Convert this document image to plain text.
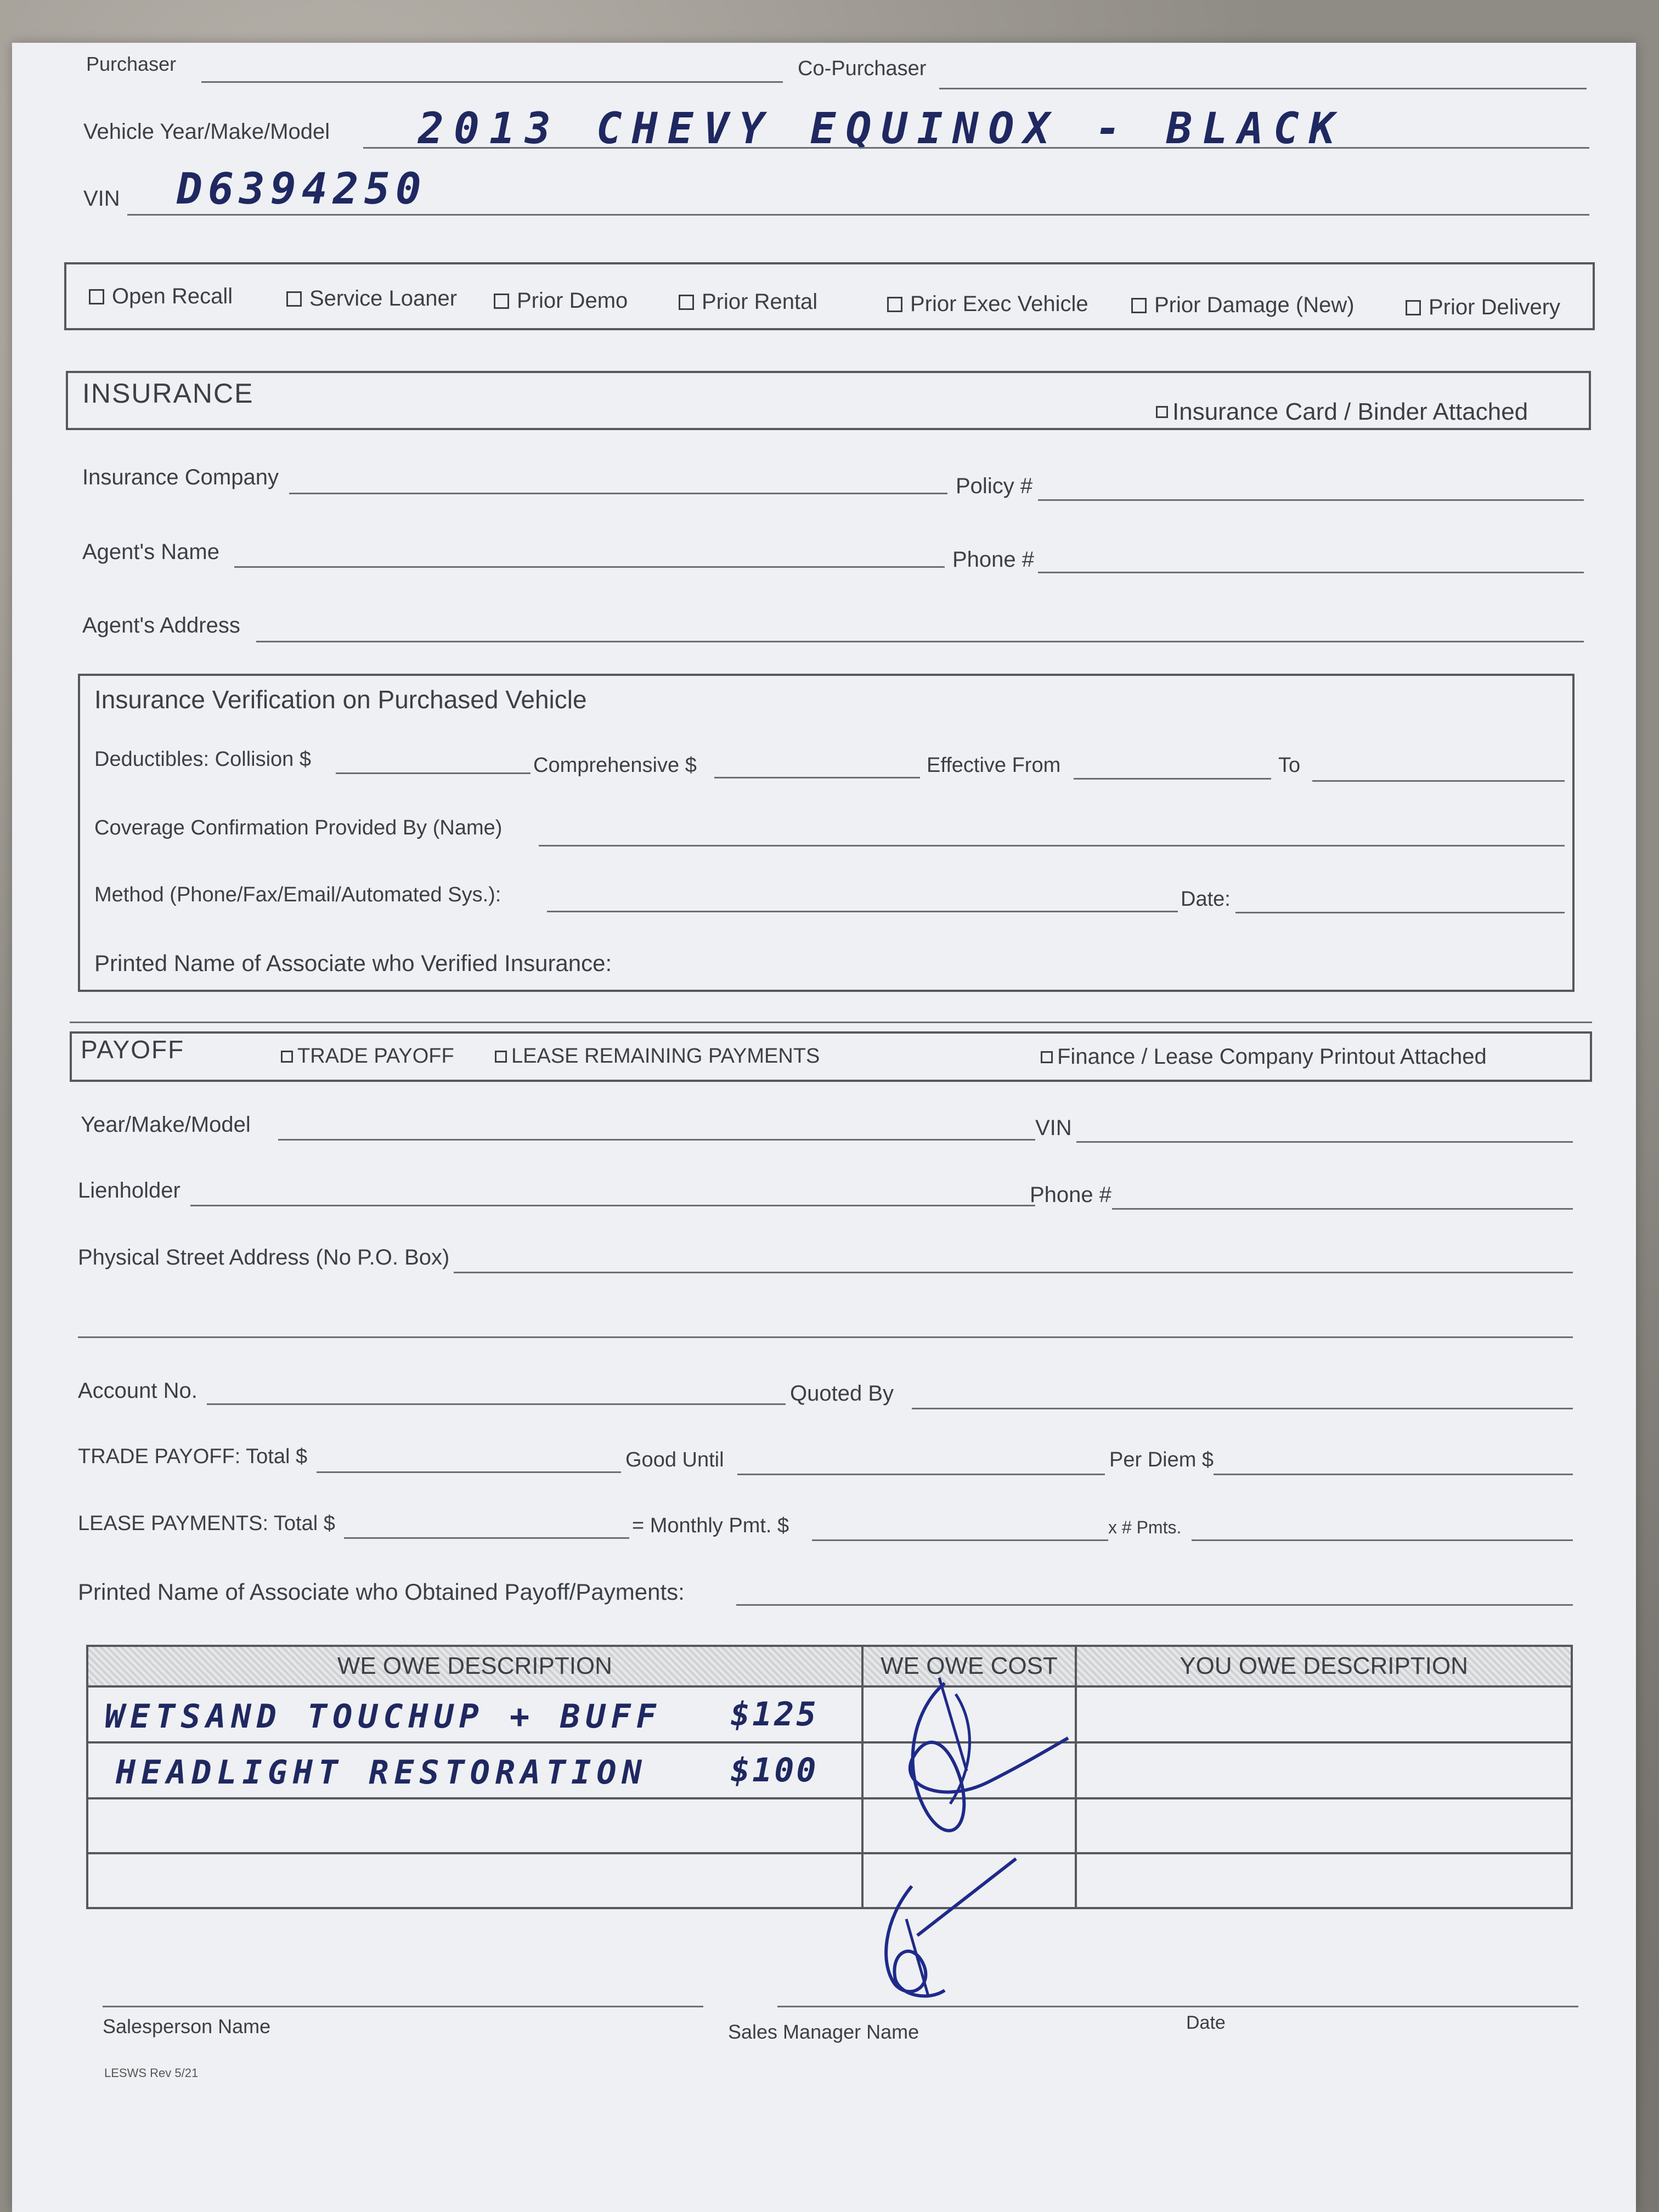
Purchaser	Co-Purchaser
Vehicle Year/Make/Model 2013 CHEVY EQUINOX - BLACK
VIN D6394250
Open Recall	Service Loaner	Prior Demo	Prior Rental	Prior Exec Vehicle	Prior Damage (New)	Prior Delivery
INSURANCE
Insurance Card / Binder Attached
Insurance Company	Policy #
Agent's Name	Phone #
Agent's Address
Insurance Verification on Purchased Vehicle
Deductibles: Collision $	Comprehensive $	Effective From	To
Coverage Confirmation Provided By (Name)
Method (Phone/Fax/Email/Automated Sys.):	Date:
Printed Name of Associate who Verified Insurance:
PAYOFF	TRADE PAYOFF	LEASE REMAINING PAYMENTS	Finance / Lease Company Printout Attached
Year/Make/Model	VIN
Lienholder	Phone #
Physical Street Address (No P.O. Box)
Account No.	Quoted By
TRADE PAYOFF: Total $	Good Until	Per Diem $
LEASE PAYMENTS: Total $	= Monthly Pmt. $	x # Pmts.
Printed Name of Associate who Obtained Payoff/Payments:
WE OWE DESCRIPTION	WE OWE COST	YOU OWE DESCRIPTION

WETSAND TOUCHUP + BUFF $125		

HEADLIGHT RESTORATION $100		

Salesperson Name	Sales Manager Name	Date
LESWS Rev 5/21
